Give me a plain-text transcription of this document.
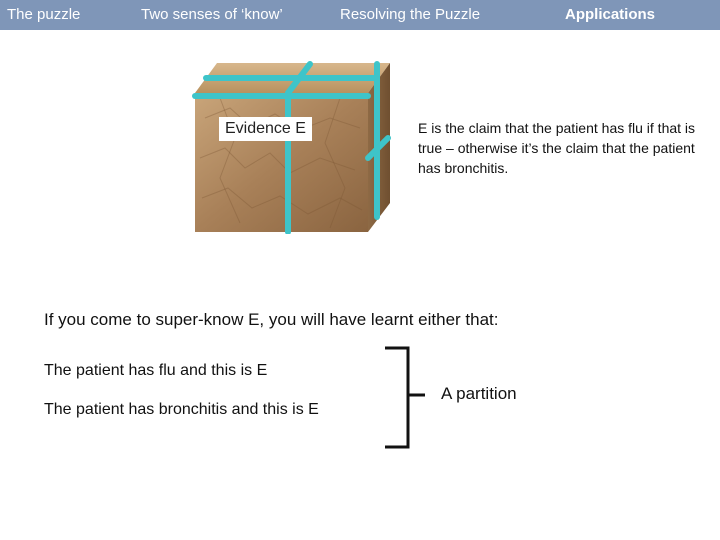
The puzzle	Two senses of ‘know’	Resolving the Puzzle	Applications
Evidence E	E is the claim that the patient has flu if that is true – otherwise it’s the claim that the patient has bronchitis.
If you come to super-know E, you will have learnt either that:
The patient has flu and this is E
The patient has bronchitis and this is E
A partition
